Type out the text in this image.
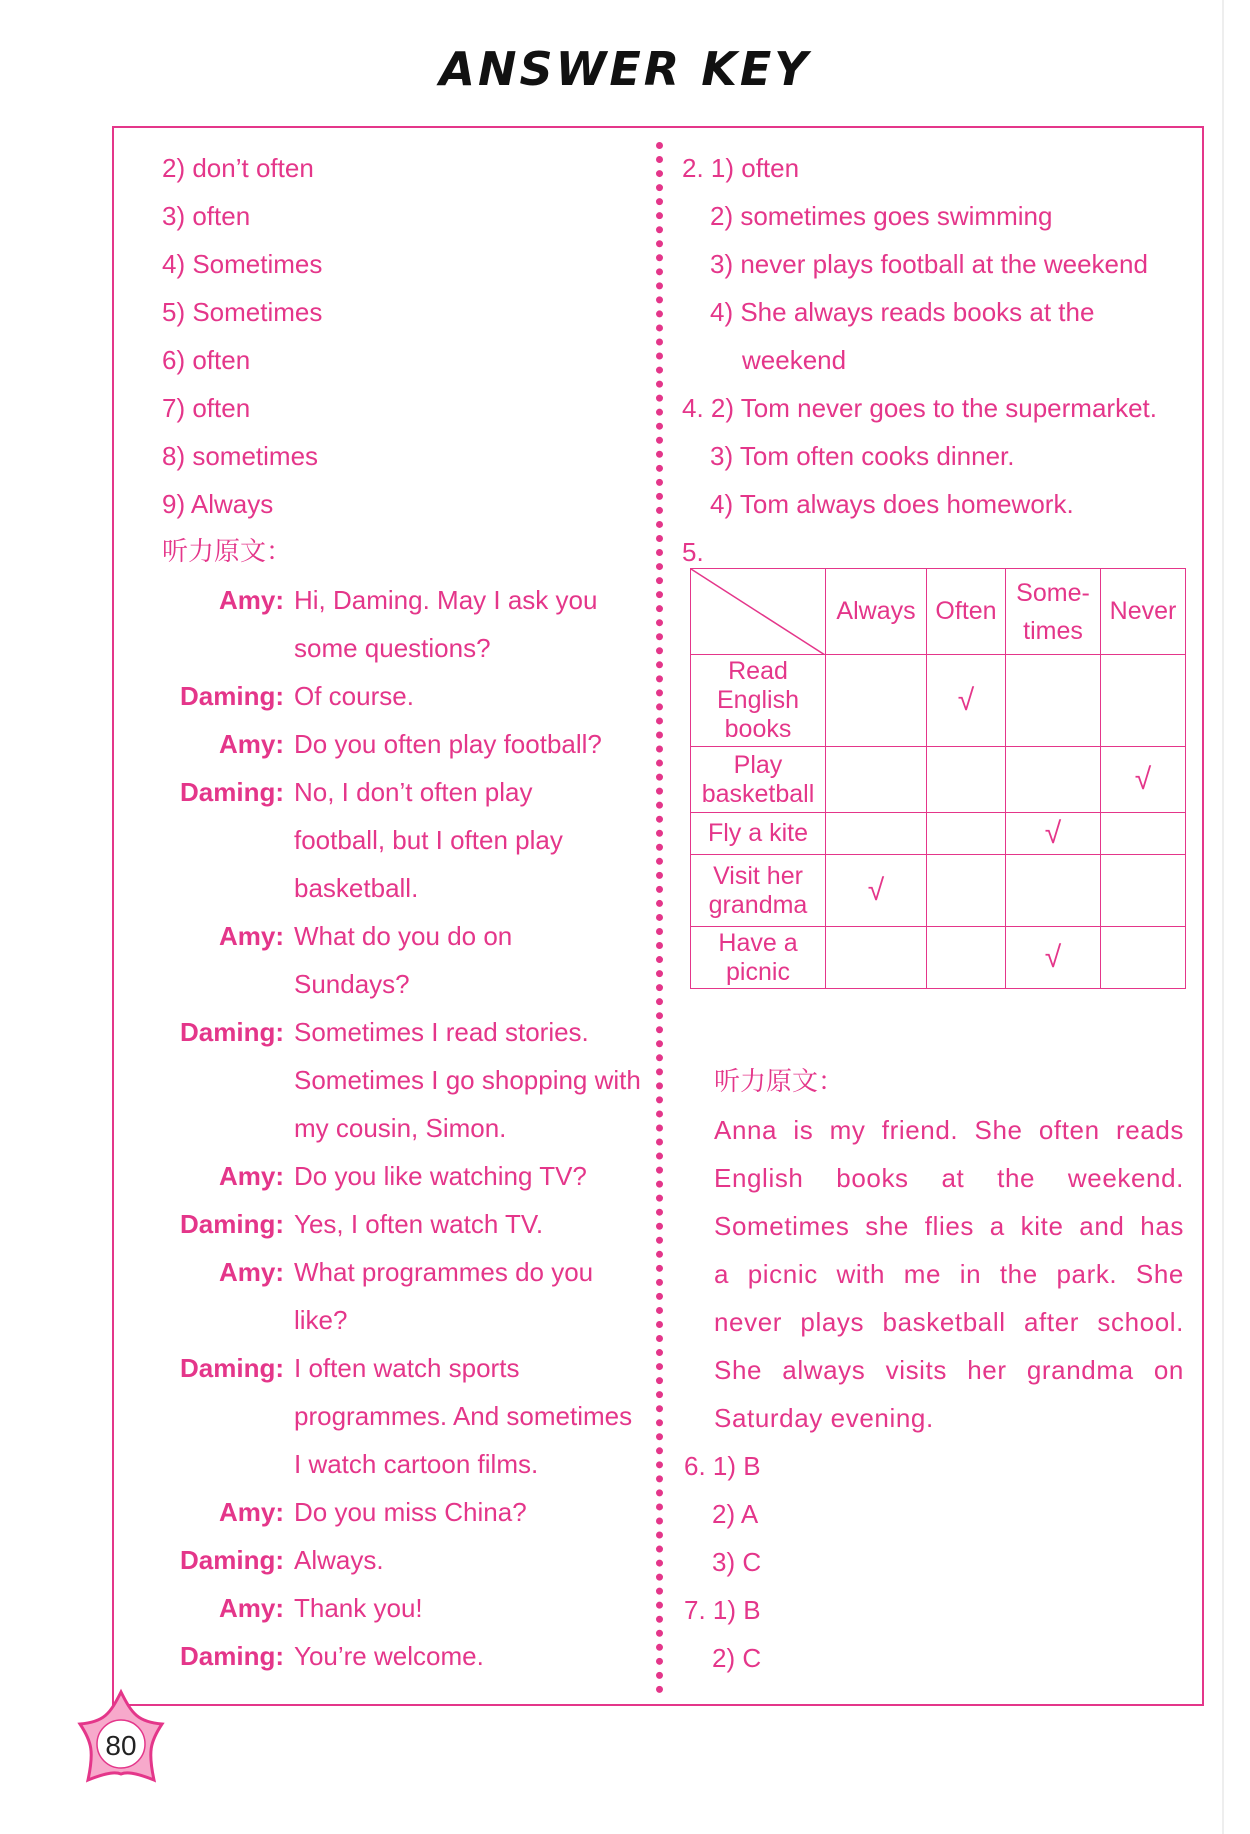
ANSWER KEY
2) don’t often
3) often
4) Sometimes
5) Sometimes
6) often
7) often
8) sometimes
9) Always
听力原文：
Amy: Hi, Daming. May I ask you
some questions?
Daming: Of course.
Amy: Do you often play football?
Daming: No, I don’t often play
football, but I often play
basketball.
Amy: What do you do on
Sundays?
Daming: Sometimes I read stories.
Sometimes I go shopping with
my cousin, Simon.
Amy: Do you like watching TV?
Daming: Yes, I often watch TV.
Amy: What programmes do you
like?
Daming: I often watch sports
programmes. And sometimes
I watch cartoon films.
Amy: Do you miss China?
Daming: Always.
Amy: Thank you!
Daming: You’re welcome.
2. 1) often
2) sometimes goes swimming
3) never plays football at the weekend
4) She always reads books at the
weekend
4. 2) Tom never goes to the supermarket.
3) Tom often cooks dinner.
4) Tom always does homework.
5.
	Always	Often	Some-
times	Never
Read
English
books		√		
Play
basketball				√
Fly a kite			√	
Visit her
grandma	√			
Have a
picnic			√	
听力原文：
Anna is my friend. She often reads
English books at the weekend.
Sometimes she flies a kite and has
a picnic with me in the park. She
never plays basketball after school.
She always visits her grandma on
Saturday evening.
6. 1) B
2) A
3) C
7. 1) B
2) C
80
